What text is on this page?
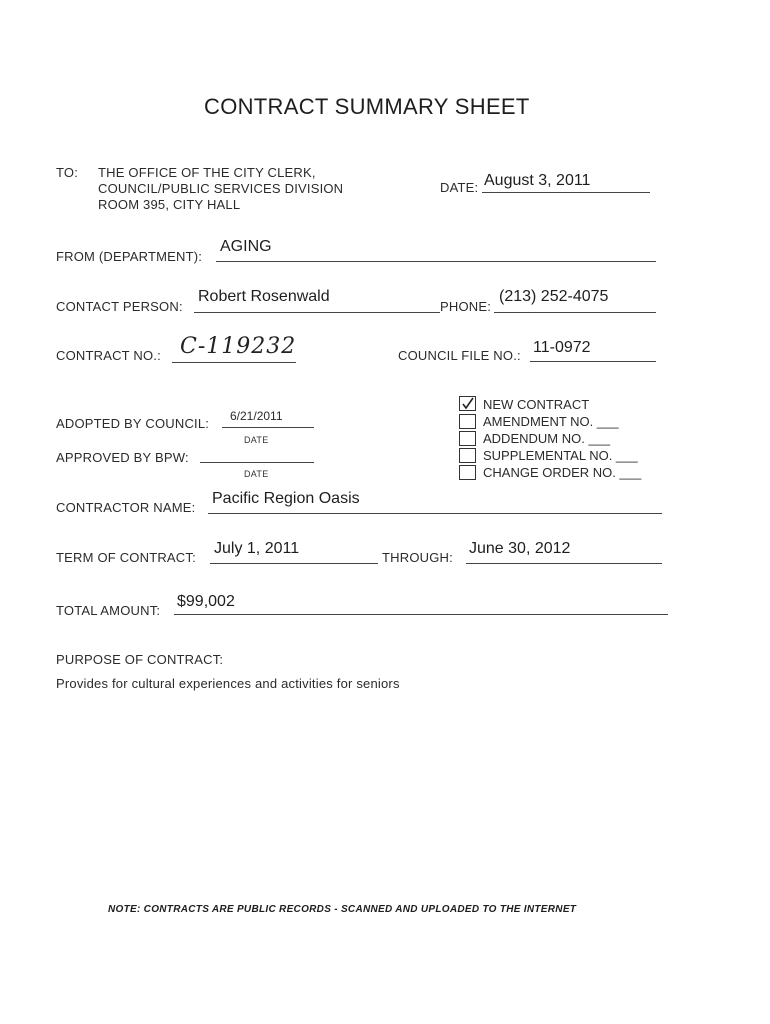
CONTRACT SUMMARY SHEET
TO: THE OFFICE OF THE CITY CLERK,
COUNCIL/PUBLIC SERVICES DIVISION
ROOM 395, CITY HALL
DATE: August 3, 2011
FROM (DEPARTMENT):
AGING
CONTACT PERSON:
Robert Rosenwald
PHONE:
(213) 252-4075
CONTRACT NO.: C-119232	COUNCIL FILE NO.: 11-0972
ADOPTED BY COUNCIL: 6/21/2011
DATE
APPROVED BY BPW:
DATE
NEW CONTRACT
AMENDMENT NO. ___
ADDENDUM NO. ___
SUPPLEMENTAL NO. ___
CHANGE ORDER NO. ___
CONTRACTOR NAME:
Pacific Region Oasis
TERM OF CONTRACT:
July 1, 2011
THROUGH:
June 30, 2012
TOTAL AMOUNT:
$99,002
PURPOSE OF CONTRACT:
Provides for cultural experiences and activities for seniors
NOTE: CONTRACTS ARE PUBLIC RECORDS - SCANNED AND UPLOADED TO THE INTERNET
